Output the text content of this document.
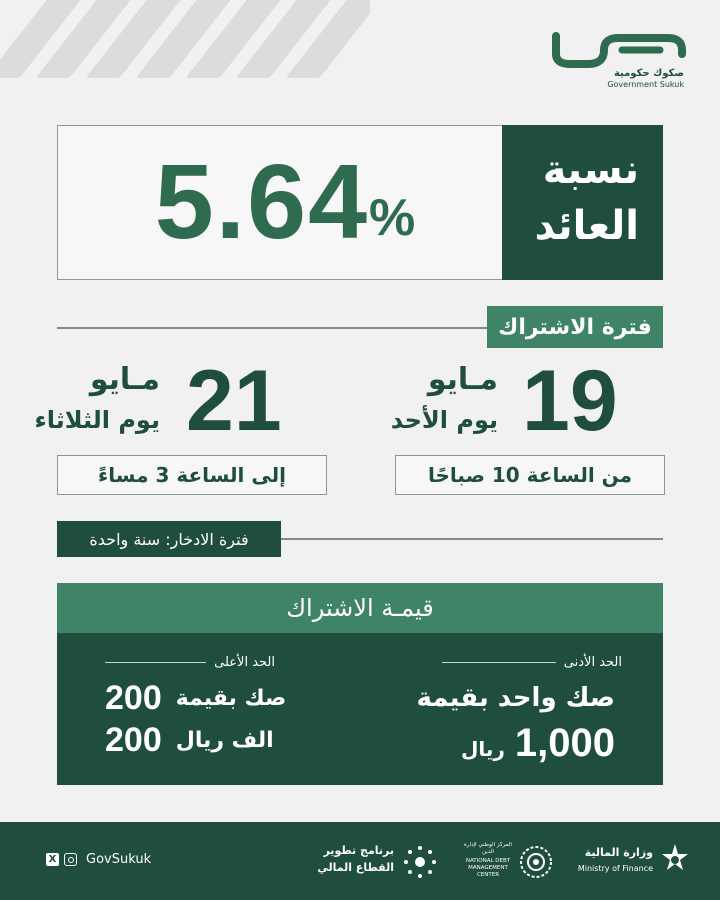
صكوك حكومية
Government Sukuk
5.64 %
نسبة
العائد
فترة الاشتراك
19
مـايو
يوم الأحد
من الساعة 10 صباحًا
21
مـايو
يوم الثلاثاء
إلى الساعة 3 مساءً
فترة الادخار: سنة واحدة
قيمـة الاشتراك
الحد الأدنى
صك واحد بقيمة
ريال 1,000
الحد الأعلى
200 صك بقيمة
200 الف ريال
X GovSukuk
برنامج تطوير
القطاع المالي
المركز الوطني لإدارة الدين
NATIONAL DEBT MANAGEMENT CENTER
وزارة المالية
Ministry of Finance
